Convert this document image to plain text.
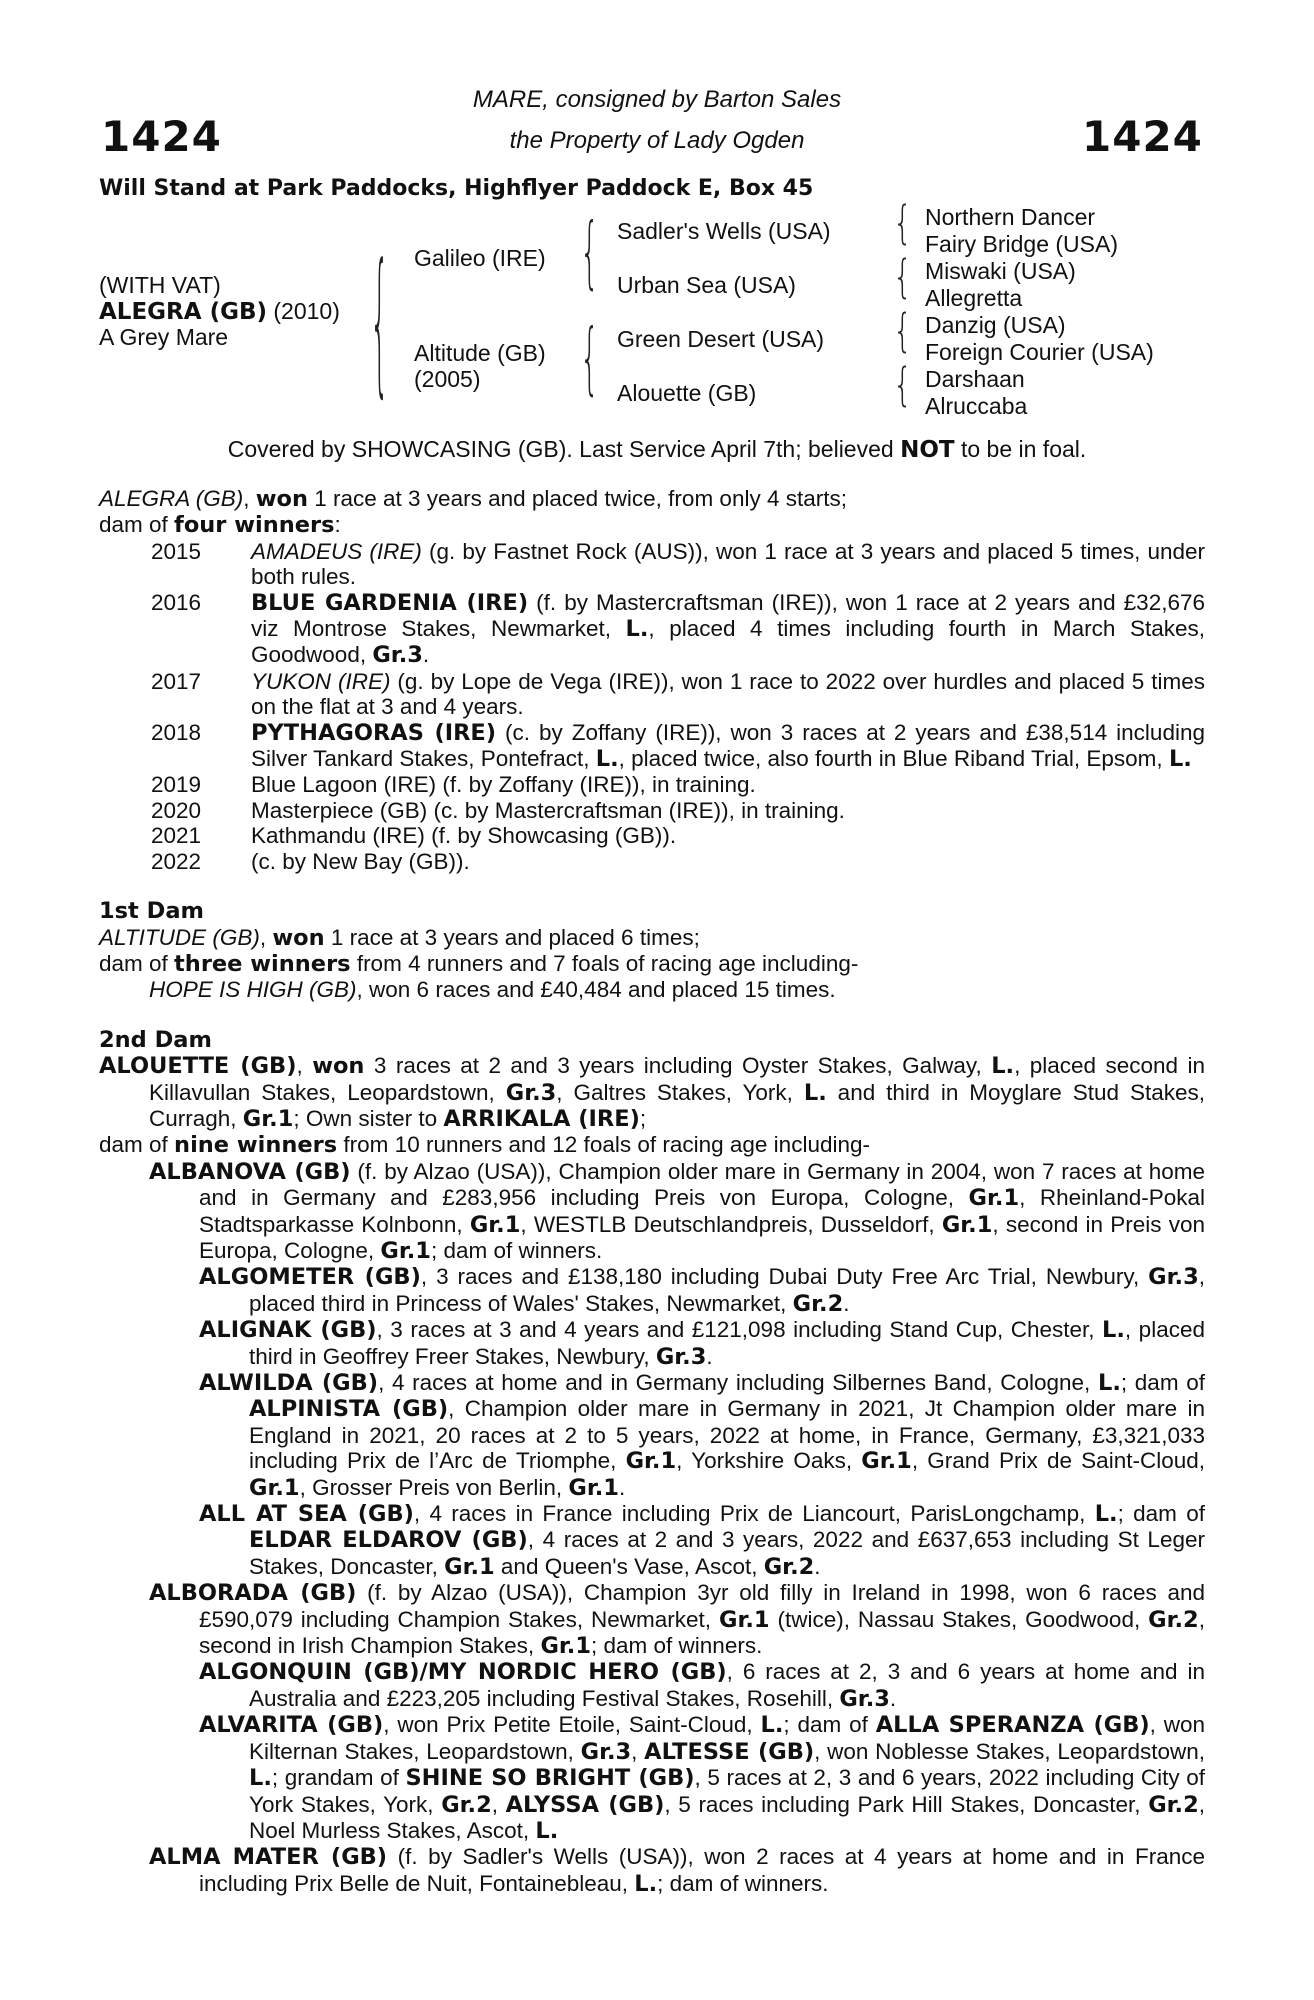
1424	1424
MARE, consigned by Barton Sales
the Property of Lady Ogden
Will Stand at Park Paddocks, Highflyer Paddock E, Box 45
(WITH VAT)
ALEGRA (GB) (2010)
A Grey Mare	{ Galileo (IRE)
Altitude (GB)
(2005)
{
{
Sadler's Wells (USA)
Urban Sea (USA)
Green Desert (USA)
Alouette (GB)
{
{
{
{
Northern Dancer
Fairy Bridge (USA)
Miswaki (USA)
Allegretta
Danzig (USA)
Foreign Courier (USA)
Darshaan
Alruccaba
Covered by SHOWCASING (GB). Last Service April 7th; believed NOT to be in foal.

ALEGRA (GB), won 1 race at 3 years and placed twice, from only 4 starts;

dam of four winners:

2015	AMADEUS (IRE) (g. by Fastnet Rock (AUS)), won 1 race at 3 years and placed 5 times, under both rules.
2016	BLUE GARDENIA (IRE) (f. by Mastercraftsman (IRE)), won 1 race at 2 years and £32,676 viz Montrose Stakes, Newmarket, L., placed 4 times including fourth in March Stakes, Goodwood, Gr.3.
2017	YUKON (IRE) (g. by Lope de Vega (IRE)), won 1 race to 2022 over hurdles and placed 5 times on the flat at 3 and 4 years.
2018	PYTHAGORAS (IRE) (c. by Zoffany (IRE)), won 3 races at 2 years and £38,514 including Silver Tankard Stakes, Pontefract, L., placed twice, also fourth in Blue Riband Trial, Epsom, L.
2019	Blue Lagoon (IRE) (f. by Zoffany (IRE)), in training.
2020	Masterpiece (GB) (c. by Mastercraftsman (IRE)), in training.
2021	Kathmandu (IRE) (f. by Showcasing (GB)).
2022	(c. by New Bay (GB)).

1st Dam

ALTITUDE (GB), won 1 race at 3 years and placed 6 times;

dam of three winners from 4 runners and 7 foals of racing age including-

HOPE IS HIGH (GB), won 6 races and £40,484 and placed 15 times.

2nd Dam

ALOUETTE (GB), won 3 races at 2 and 3 years including Oyster Stakes, Galway, L., placed second in Killavullan Stakes, Leopardstown, Gr.3, Galtres Stakes, York, L. and third in Moyglare Stud Stakes, Curragh, Gr.1; Own sister to ARRIKALA (IRE);

dam of nine winners from 10 runners and 12 foals of racing age including-

ALBANOVA (GB) (f. by Alzao (USA)), Champion older mare in Germany in 2004, won 7 races at home and in Germany and £283,956 including Preis von Europa, Cologne, Gr.1, Rheinland-Pokal Stadtsparkasse Kolnbonn, Gr.1, WESTLB Deutschlandpreis, Dusseldorf, Gr.1, second in Preis von Europa, Cologne, Gr.1; dam of winners.

ALGOMETER (GB), 3 races and £138,180 including Dubai Duty Free Arc Trial, Newbury, Gr.3, placed third in Princess of Wales' Stakes, Newmarket, Gr.2.

ALIGNAK (GB), 3 races at 3 and 4 years and £121,098 including Stand Cup, Chester, L., placed third in Geoffrey Freer Stakes, Newbury, Gr.3.

ALWILDA (GB), 4 races at home and in Germany including Silbernes Band, Cologne, L.; dam of ALPINISTA (GB), Champion older mare in Germany in 2021, Jt Champion older mare in England in 2021, 20 races at 2 to 5 years, 2022 at home, in France, Germany, £3,321,033 including Prix de l’Arc de Triomphe, Gr.1, Yorkshire Oaks, Gr.1, Grand Prix de Saint-Cloud, Gr.1, Grosser Preis von Berlin, Gr.1.

ALL AT SEA (GB), 4 races in France including Prix de Liancourt, ParisLongchamp, L.; dam of ELDAR ELDAROV (GB), 4 races at 2 and 3 years, 2022 and £637,653 including St Leger Stakes, Doncaster, Gr.1 and Queen's Vase, Ascot, Gr.2.

ALBORADA (GB) (f. by Alzao (USA)), Champion 3yr old filly in Ireland in 1998, won 6 races and £590,079 including Champion Stakes, Newmarket, Gr.1 (twice), Nassau Stakes, Goodwood, Gr.2, second in Irish Champion Stakes, Gr.1; dam of winners.

ALGONQUIN (GB)/MY NORDIC HERO (GB), 6 races at 2, 3 and 6 years at home and in Australia and £223,205 including Festival Stakes, Rosehill, Gr.3.

ALVARITA (GB), won Prix Petite Etoile, Saint-Cloud, L.; dam of ALLA SPERANZA (GB), won Kilternan Stakes, Leopardstown, Gr.3, ALTESSE (GB), won Noblesse Stakes, Leopardstown, L.; grandam of SHINE SO BRIGHT (GB), 5 races at 2, 3 and 6 years, 2022 including City of York Stakes, York, Gr.2, ALYSSA (GB), 5 races including Park Hill Stakes, Doncaster, Gr.2, Noel Murless Stakes, Ascot, L.

ALMA MATER (GB) (f. by Sadler's Wells (USA)), won 2 races at 4 years at home and in France including Prix Belle de Nuit, Fontainebleau, L.; dam of winners.
